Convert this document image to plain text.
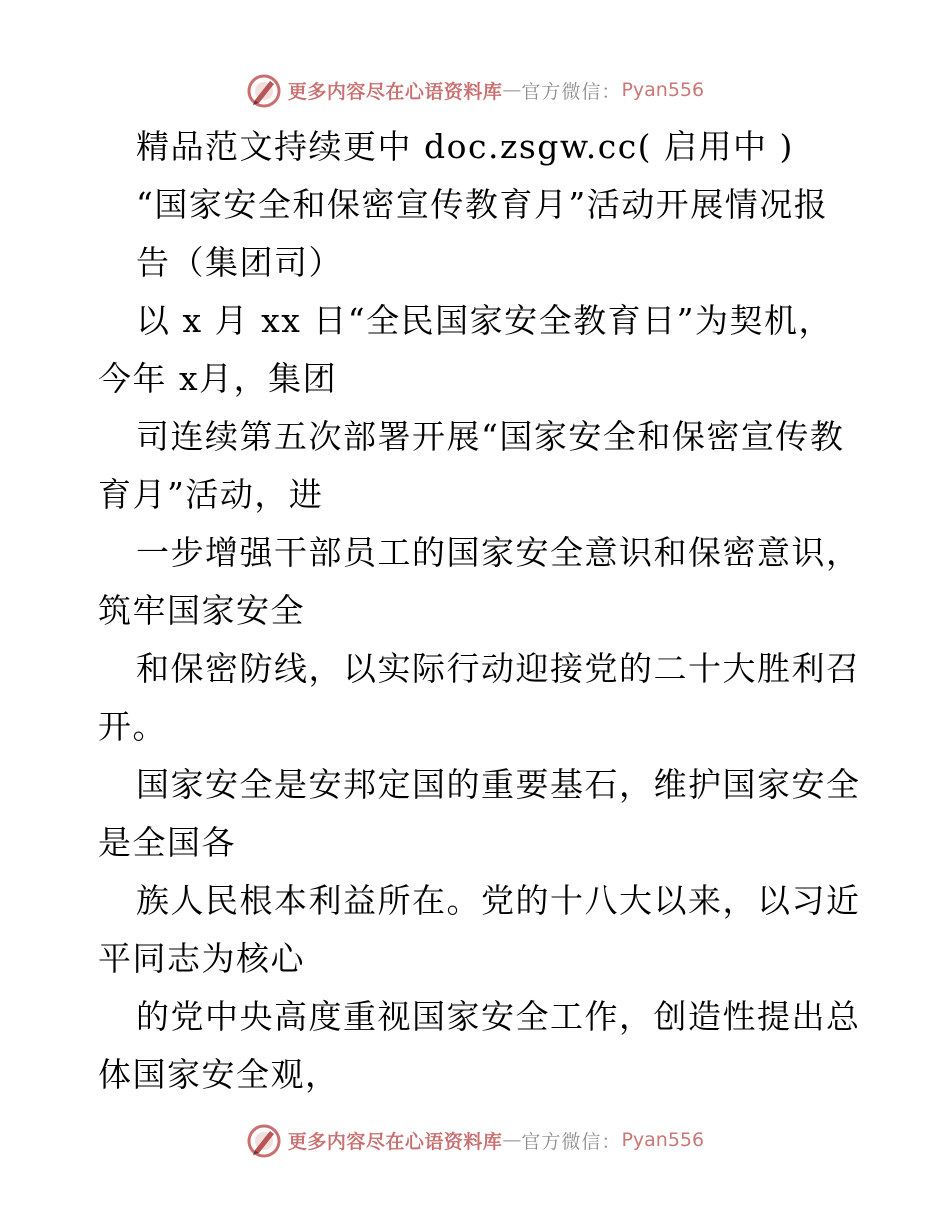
更多内容尽在心语资料库 — 官方微信： Pyan556
精品范文持续更中 doc.zsgw.cc( 启用中 )
“国家安全和保密宣传教育月”活动开展情况报
告（集团司）
以 x 月 xx 日“全民国家安全教育日”为契机，
今年 x月，集团
司连续第五次部署开展“国家安全和保密宣传教
育月”活动，进
一步增强干部员工的国家安全意识和保密意识，
筑牢国家安全
和保密防线，以实际行动迎接党的二十大胜利召
开。
国家安全是安邦定国的重要基石，维护国家安全
是全国各
族人民根本利益所在。党的十八大以来，以习近
平同志为核心
的党中央高度重视国家安全工作，创造性提出总
体国家安全观，
更多内容尽在心语资料库 — 官方微信： Pyan556
